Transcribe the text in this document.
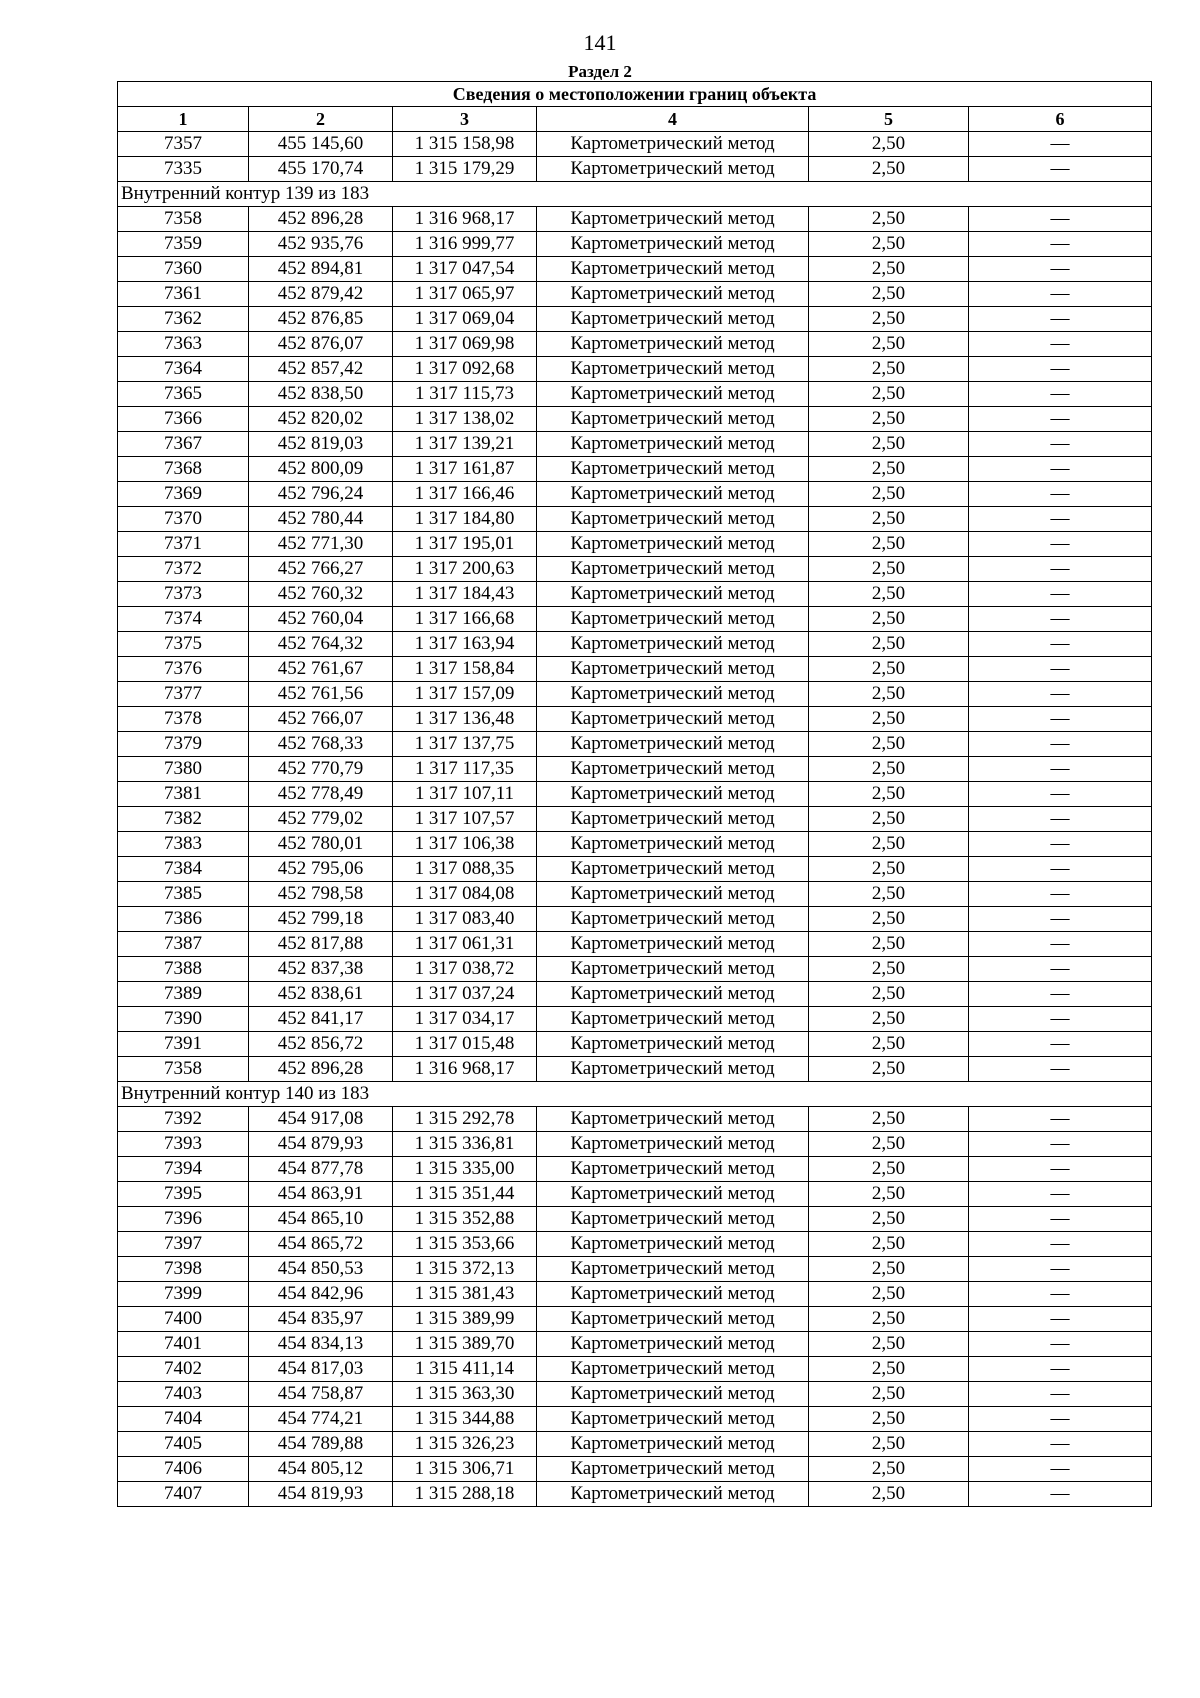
141
Раздел 2
Сведения о местоположении границ объекта					
1	2	3	4	5	6
7357	455 145,60	1 315 158,98	Картометрический метод	2,50	—
7335	455 170,74	1 315 179,29	Картометрический метод	2,50	—
Внутренний контур 139 из 183					
7358	452 896,28	1 316 968,17	Картометрический метод	2,50	—
7359	452 935,76	1 316 999,77	Картометрический метод	2,50	—
7360	452 894,81	1 317 047,54	Картометрический метод	2,50	—
7361	452 879,42	1 317 065,97	Картометрический метод	2,50	—
7362	452 876,85	1 317 069,04	Картометрический метод	2,50	—
7363	452 876,07	1 317 069,98	Картометрический метод	2,50	—
7364	452 857,42	1 317 092,68	Картометрический метод	2,50	—
7365	452 838,50	1 317 115,73	Картометрический метод	2,50	—
7366	452 820,02	1 317 138,02	Картометрический метод	2,50	—
7367	452 819,03	1 317 139,21	Картометрический метод	2,50	—
7368	452 800,09	1 317 161,87	Картометрический метод	2,50	—
7369	452 796,24	1 317 166,46	Картометрический метод	2,50	—
7370	452 780,44	1 317 184,80	Картометрический метод	2,50	—
7371	452 771,30	1 317 195,01	Картометрический метод	2,50	—
7372	452 766,27	1 317 200,63	Картометрический метод	2,50	—
7373	452 760,32	1 317 184,43	Картометрический метод	2,50	—
7374	452 760,04	1 317 166,68	Картометрический метод	2,50	—
7375	452 764,32	1 317 163,94	Картометрический метод	2,50	—
7376	452 761,67	1 317 158,84	Картометрический метод	2,50	—
7377	452 761,56	1 317 157,09	Картометрический метод	2,50	—
7378	452 766,07	1 317 136,48	Картометрический метод	2,50	—
7379	452 768,33	1 317 137,75	Картометрический метод	2,50	—
7380	452 770,79	1 317 117,35	Картометрический метод	2,50	—
7381	452 778,49	1 317 107,11	Картометрический метод	2,50	—
7382	452 779,02	1 317 107,57	Картометрический метод	2,50	—
7383	452 780,01	1 317 106,38	Картометрический метод	2,50	—
7384	452 795,06	1 317 088,35	Картометрический метод	2,50	—
7385	452 798,58	1 317 084,08	Картометрический метод	2,50	—
7386	452 799,18	1 317 083,40	Картометрический метод	2,50	—
7387	452 817,88	1 317 061,31	Картометрический метод	2,50	—
7388	452 837,38	1 317 038,72	Картометрический метод	2,50	—
7389	452 838,61	1 317 037,24	Картометрический метод	2,50	—
7390	452 841,17	1 317 034,17	Картометрический метод	2,50	—
7391	452 856,72	1 317 015,48	Картометрический метод	2,50	—
7358	452 896,28	1 316 968,17	Картометрический метод	2,50	—
Внутренний контур 140 из 183					
7392	454 917,08	1 315 292,78	Картометрический метод	2,50	—
7393	454 879,93	1 315 336,81	Картометрический метод	2,50	—
7394	454 877,78	1 315 335,00	Картометрический метод	2,50	—
7395	454 863,91	1 315 351,44	Картометрический метод	2,50	—
7396	454 865,10	1 315 352,88	Картометрический метод	2,50	—
7397	454 865,72	1 315 353,66	Картометрический метод	2,50	—
7398	454 850,53	1 315 372,13	Картометрический метод	2,50	—
7399	454 842,96	1 315 381,43	Картометрический метод	2,50	—
7400	454 835,97	1 315 389,99	Картометрический метод	2,50	—
7401	454 834,13	1 315 389,70	Картометрический метод	2,50	—
7402	454 817,03	1 315 411,14	Картометрический метод	2,50	—
7403	454 758,87	1 315 363,30	Картометрический метод	2,50	—
7404	454 774,21	1 315 344,88	Картометрический метод	2,50	—
7405	454 789,88	1 315 326,23	Картометрический метод	2,50	—
7406	454 805,12	1 315 306,71	Картометрический метод	2,50	—
7407	454 819,93	1 315 288,18	Картометрический метод	2,50	—
